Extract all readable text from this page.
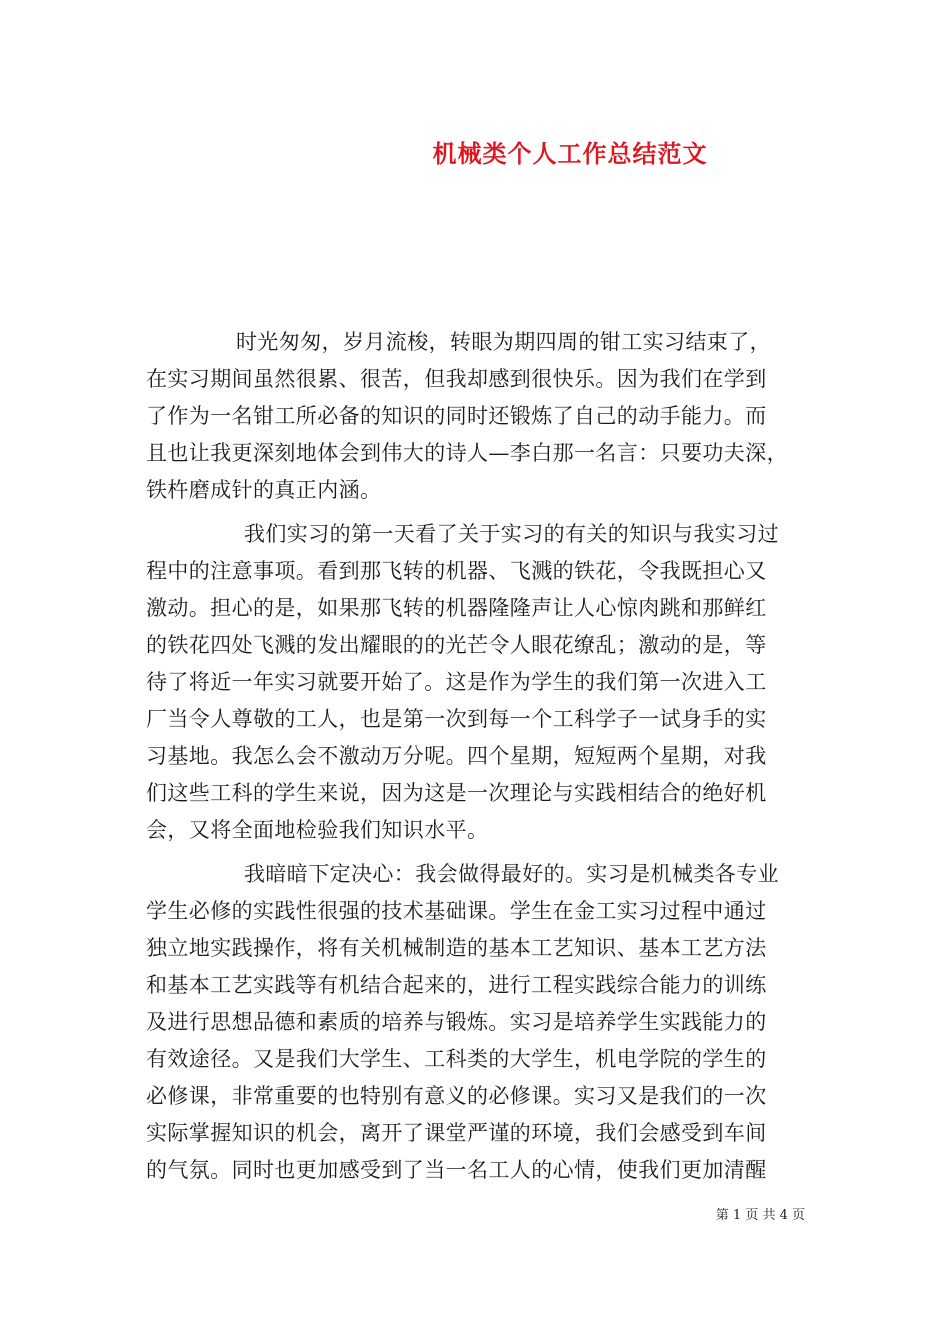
机械类个人工作总结范文
时光匆匆，岁月流梭，转眼为期四周的钳工实习结束了，
在实习期间虽然很累、很苦，但我却感到很快乐。因为我们在学到
了作为一名钳工所必备的知识的同时还锻炼了自己的动手能力。而
且也让我更深刻地体会到伟大的诗人—李白那一名言：只要功夫深，
铁杵磨成针的真正内涵。
我们实习的第一天看了关于实习的有关的知识与我实习过
程中的注意事项。看到那飞转的机器、飞溅的铁花，令我既担心又
激动。担心的是，如果那飞转的机器隆隆声让人心惊肉跳和那鲜红
的铁花四处飞溅的发出耀眼的的光芒令人眼花缭乱；激动的是，等
待了将近一年实习就要开始了。这是作为学生的我们第一次进入工
厂当令人尊敬的工人，也是第一次到每一个工科学子一试身手的实
习基地。我怎么会不激动万分呢。四个星期，短短两个星期，对我
们这些工科的学生来说，因为这是一次理论与实践相结合的绝好机
会，又将全面地检验我们知识水平。
我暗暗下定决心：我会做得最好的。实习是机械类各专业
学生必修的实践性很强的技术基础课。学生在金工实习过程中通过
独立地实践操作，将有关机械制造的基本工艺知识、基本工艺方法
和基本工艺实践等有机结合起来的，进行工程实践综合能力的训练
及进行思想品德和素质的培养与锻炼。实习是培养学生实践能力的
有效途径。又是我们大学生、工科类的大学生，机电学院的学生的
必修课，非常重要的也特别有意义的必修课。实习又是我们的一次
实际掌握知识的机会，离开了课堂严谨的环境，我们会感受到车间
的气氛。同时也更加感受到了当一名工人的心情，使我们更加清醒
第 1 页 共 4 页
